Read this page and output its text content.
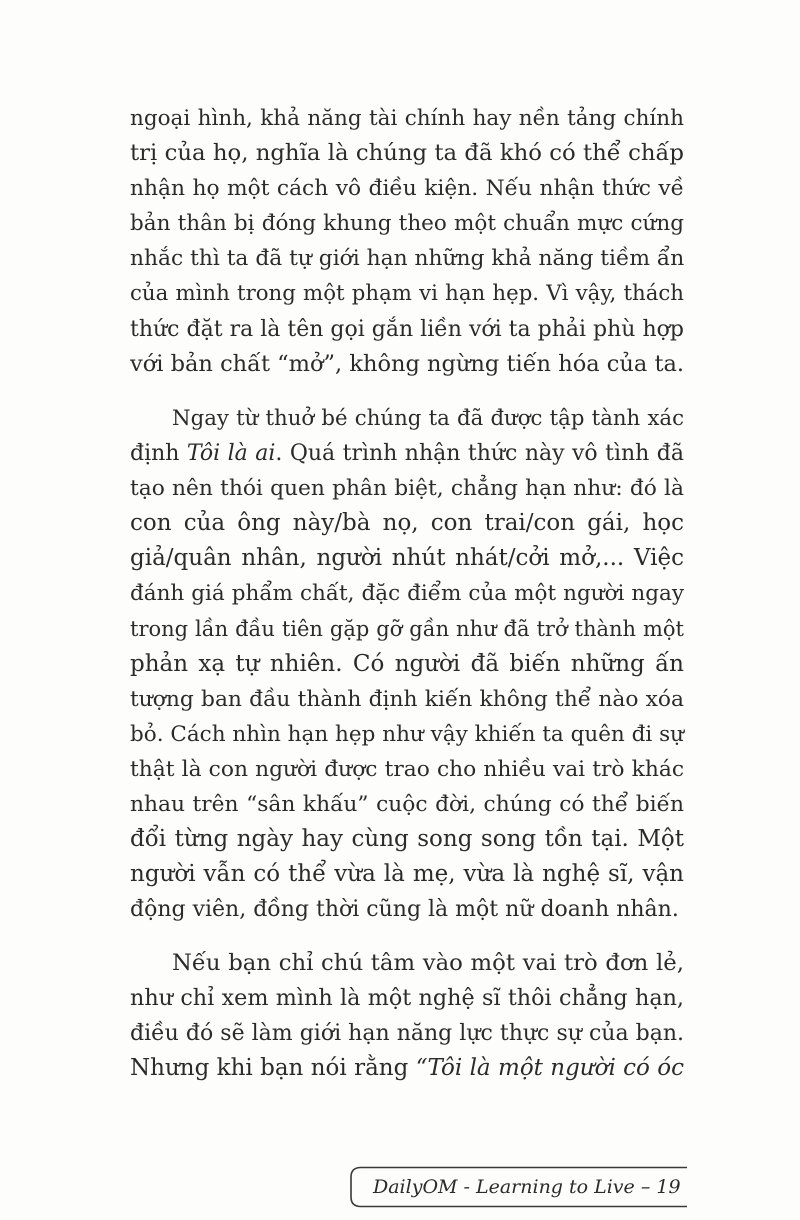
ngoại hình, khả năng tài chính hay nền tảng chính
trị của họ, nghĩa là chúng ta đã khó có thể chấp
nhận họ một cách vô điều kiện. Nếu nhận thức về
bản thân bị đóng khung theo một chuẩn mực cứng
nhắc thì ta đã tự giới hạn những khả năng tiềm ẩn
của mình trong một phạm vi hạn hẹp. Vì vậy, thách
thức đặt ra là tên gọi gắn liền với ta phải phù hợp
với bản chất “mở”, không ngừng tiến hóa của ta.
Ngay từ thuở bé chúng ta đã được tập tành xác
định Tôi là ai. Quá trình nhận thức này vô tình đã
tạo nên thói quen phân biệt, chẳng hạn như: đó là
con của ông này/bà nọ, con trai/con gái, học
giả/quân nhân, người nhút nhát/cởi mở,... Việc
đánh giá phẩm chất, đặc điểm của một người ngay
trong lần đầu tiên gặp gỡ gần như đã trở thành một
phản xạ tự nhiên. Có người đã biến những ấn
tượng ban đầu thành định kiến không thể nào xóa
bỏ. Cách nhìn hạn hẹp như vậy khiến ta quên đi sự
thật là con người được trao cho nhiều vai trò khác
nhau trên “sân khấu” cuộc đời, chúng có thể biến
đổi từng ngày hay cùng song song tồn tại. Một
người vẫn có thể vừa là mẹ, vừa là nghệ sĩ, vận
động viên, đồng thời cũng là một nữ doanh nhân.
Nếu bạn chỉ chú tâm vào một vai trò đơn lẻ,
như chỉ xem mình là một nghệ sĩ thôi chẳng hạn,
điều đó sẽ làm giới hạn năng lực thực sự của bạn.
Nhưng khi bạn nói rằng “Tôi là một người có óc
DailyOM - Learning to Live – 19
